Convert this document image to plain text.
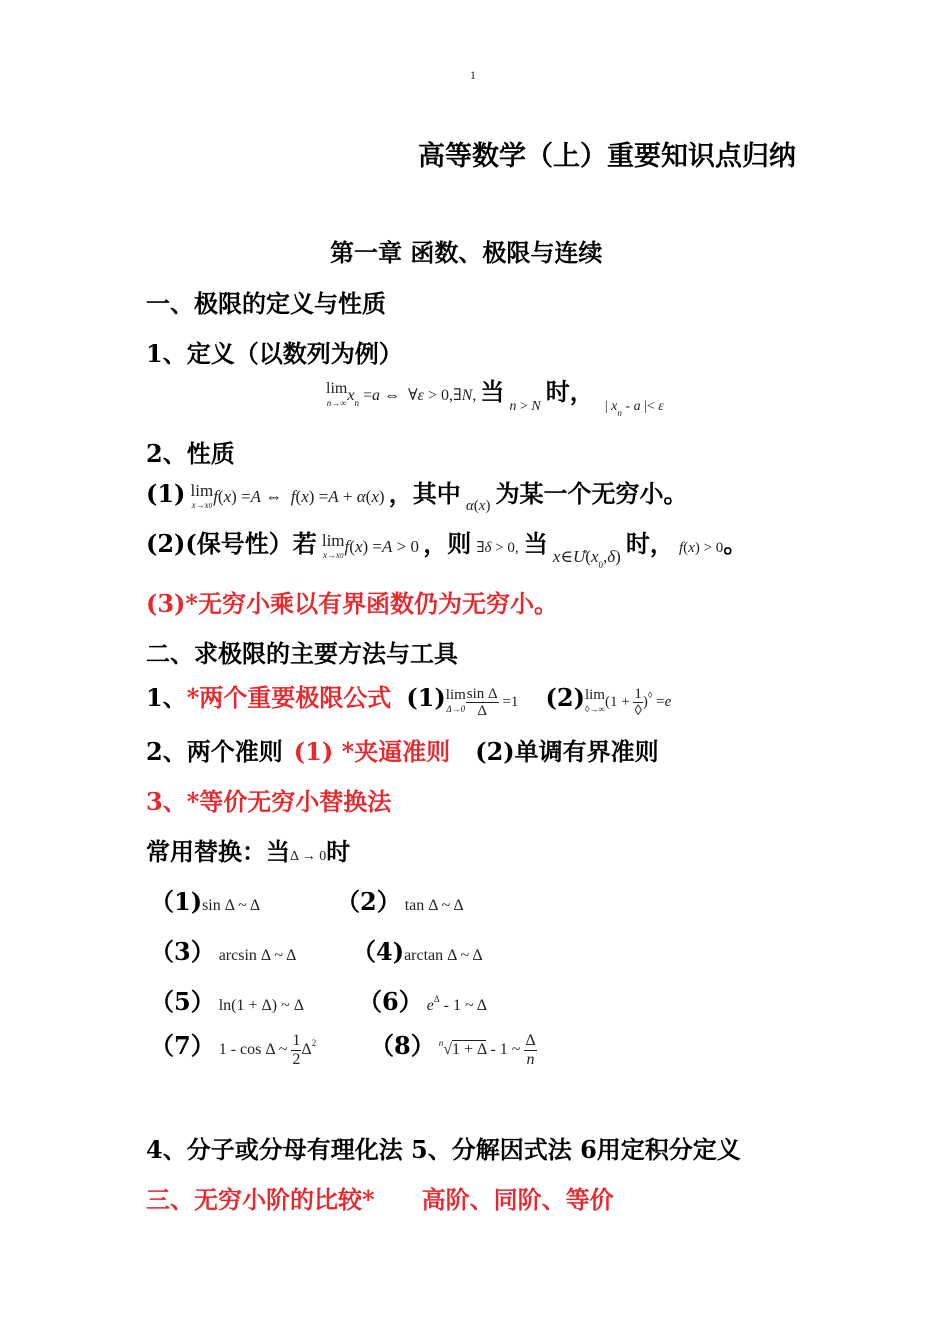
1
高等数学（上）重要知识点归纳
第一章 函数、极限与连续
一、极限的定义与性质
1、定义（以数列为例）
lim
n→∞ $x_n =a$ ⇔  ∀ε > 0,∃N, 当 n > N 时， | $x_n$ - a |< ε
2、性质
(1) lim
x→x0 f(x) =A ⇔  f(x) =A + α(x) ，其中 α(x) 为某一个无穷小。
(2)(保号性）若 lim
x→x0 f(x) =A > 0 ，则 ∃δ > 0, 当 $x\in Ů(x_0,\delta)$ 时， f(x) > 0。
(3)*无穷小乘以有界函数仍为无穷小。
二、求极限的主要方法与工具
1、*两个重要极限公式 (1)lim
$\Delta\to 0 \frac{\text{sin Δ}}{\Delta} =1$ (2)lim
◊→∞ $(1 + \frac{1}{◊} )^◊ =e$
2、两个准则 (1) *夹逼准则 (2)单调有界准则
3、*等价无穷小替换法
常用替换：当Δ → 0时
（1)sin Δ ~ Δ	（2） tan Δ ~ Δ
（3） arcsin Δ ~ Δ （4)arctan Δ ~ Δ
（5） ln(1 + Δ) ~ Δ （6） $e^\Delta - 1$ ~ Δ
（7） 1 - cos Δ ~ $\frac{1}{2} \Delta^2$ （8） $^n$√1 + Δ - 1 ~ $\frac{\Delta}{n}$
4、分子或分母有理化法 5、分解因式法 6用定积分定义
三、无穷小阶的比较* 高阶、同阶、等价
